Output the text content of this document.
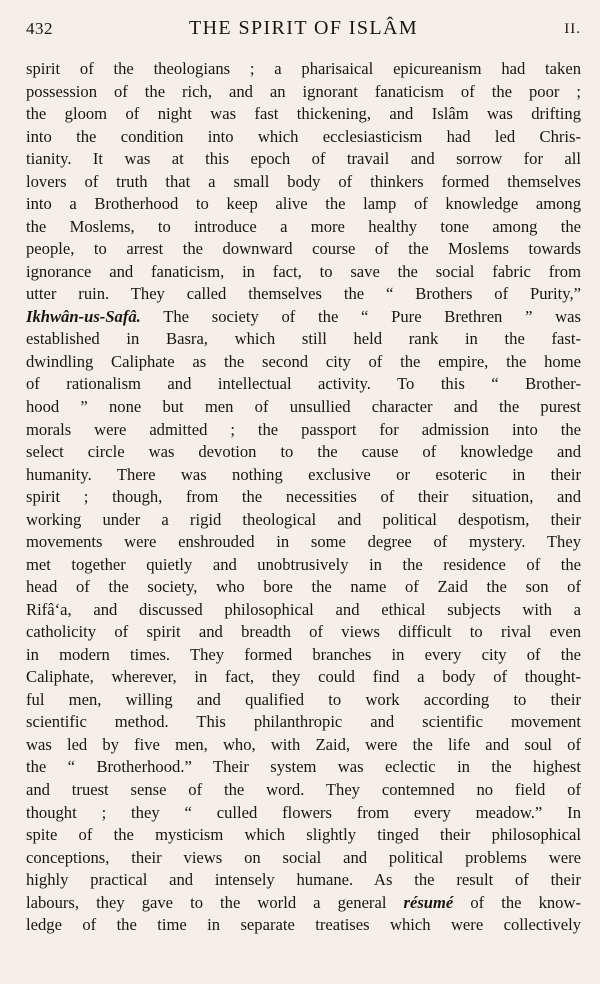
432	THE SPIRIT OF ISLÂM	II.
spirit of the theologians ; a pharisaical epicureanism had taken
possession of the rich, and an ignorant fanaticism of the poor ;
the gloom of night was fast thickening, and Islâm was drifting
into the condition into which ecclesiasticism had led Chris-
tianity. It was at this epoch of travail and sorrow for all
lovers of truth that a small body of thinkers formed themselves
into a Brotherhood to keep alive the lamp of knowledge among
the Moslems, to introduce a more healthy tone among the
people, to arrest the downward course of the Moslems towards
ignorance and fanaticism, in fact, to save the social fabric from
utter ruin. They called themselves the “ Brothers of Purity,”
Ikhwân-us-Safâ. The society of the “ Pure Brethren ” was
established in Basra, which still held rank in the fast-
dwindling Caliphate as the second city of the empire, the home
of rationalism and intellectual activity. To this “ Brother-
hood ” none but men of unsullied character and the purest
morals were admitted ; the passport for admission into the
select circle was devotion to the cause of knowledge and
humanity. There was nothing exclusive or esoteric in their
spirit ; though, from the necessities of their situation, and
working under a rigid theological and political despotism, their
movements were enshrouded in some degree of mystery. They
met together quietly and unobtrusively in the residence of the
head of the society, who bore the name of Zaid the son of
Rifâ‘a, and discussed philosophical and ethical subjects with a
catholicity of spirit and breadth of views difficult to rival even
in modern times. They formed branches in every city of the
Caliphate, wherever, in fact, they could find a body of thought-
ful men, willing and qualified to work according to their
scientific method. This philanthropic and scientific movement
was led by five men, who, with Zaid, were the life and soul of
the “ Brotherhood.” Their system was eclectic in the highest
and truest sense of the word. They contemned no field of
thought ; they “ culled flowers from every meadow.” In
spite of the mysticism which slightly tinged their philosophical
conceptions, their views on social and political problems were
highly practical and intensely humane. As the result of their
labours, they gave to the world a general résumé of the know-
ledge of the time in separate treatises which were collectively
